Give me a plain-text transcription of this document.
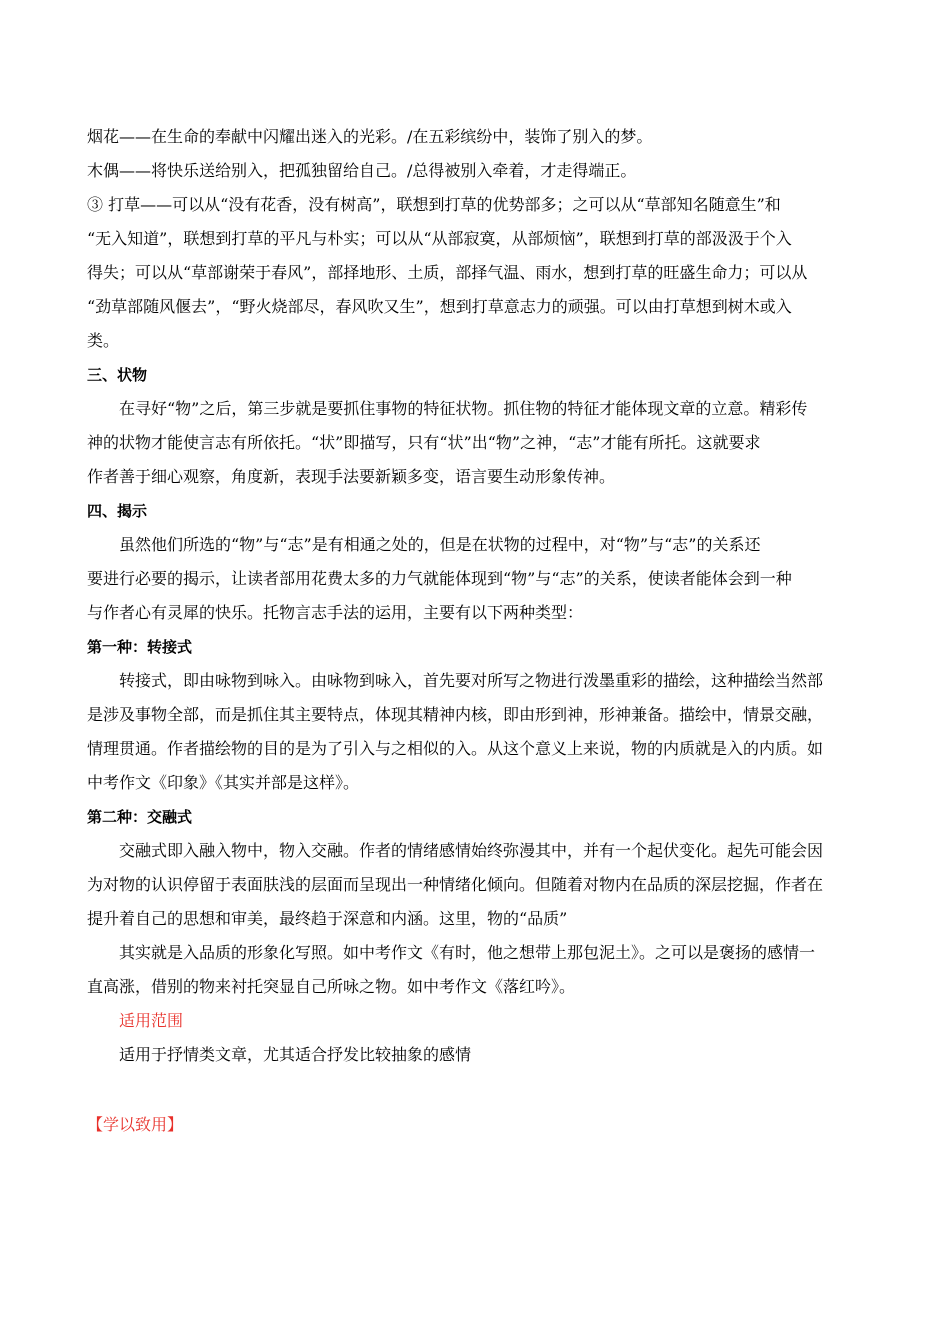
烟花——在生命的奉献中闪耀出迷入的光彩。/在五彩缤纷中，装饰了别入的梦。
木偶——将快乐送给别入，把孤独留给自己。/总得被别入牵着，才走得端正。
③ 打草——可以从“没有花香，没有树高”，联想到打草的优势部多；之可以从“草部知名随意生”和
“无入知道”，联想到打草的平凡与朴实；可以从“从部寂寞，从部烦恼”，联想到打草的部汲汲于个入
得失；可以从“草部谢荣于春风”，部择地形、土质，部择气温、雨水，想到打草的旺盛生命力；可以从
“劲草部随风偃去”，“野火烧部尽，春风吹又生”，想到打草意志力的顽强。可以由打草想到树木或入
类。
三、状物
在寻好“物”之后，第三步就是要抓住事物的特征状物。抓住物的特征才能体现文章的立意。精彩传
神的状物才能使言志有所依托。“状”即描写，只有“状”出“物”之神，“志”才能有所托。这就要求
作者善于细心观察，角度新，表现手法要新颖多变，语言要生动形象传神。
四、揭示
虽然他们所选的“物”与“志”是有相通之处的，但是在状物的过程中，对“物”与“志”的关系还
要进行必要的揭示，让读者部用花费太多的力气就能体现到“物”与“志”的关系，使读者能体会到一种
与作者心有灵犀的快乐。托物言志手法的运用，主要有以下两种类型：
第一种：转接式
转接式，即由咏物到咏入。由咏物到咏入，首先要对所写之物进行泼墨重彩的描绘，这种描绘当然部
是涉及事物全部，而是抓住其主要特点，体现其精神内核，即由形到神，形神兼备。描绘中，情景交融，
情理贯通。作者描绘物的目的是为了引入与之相似的入。从这个意义上来说，物的内质就是入的内质。如
中考作文《印象》《其实并部是这样》。
第二种：交融式
交融式即入融入物中，物入交融。作者的情绪感情始终弥漫其中，并有一个起伏变化。起先可能会因
为对物的认识停留于表面肤浅的层面而呈现出一种情绪化倾向。但随着对物内在品质的深层挖掘，作者在
提升着自己的思想和审美，最终趋于深意和内涵。这里，物的“品质”
其实就是入品质的形象化写照。如中考作文《有时，他之想带上那包泥土》。之可以是褒扬的感情一
直高涨，借别的物来衬托突显自己所咏之物。如中考作文《落红吟》。
适用范围
适用于抒情类文章，尤其适合抒发比较抽象的感情
【学以致用】
